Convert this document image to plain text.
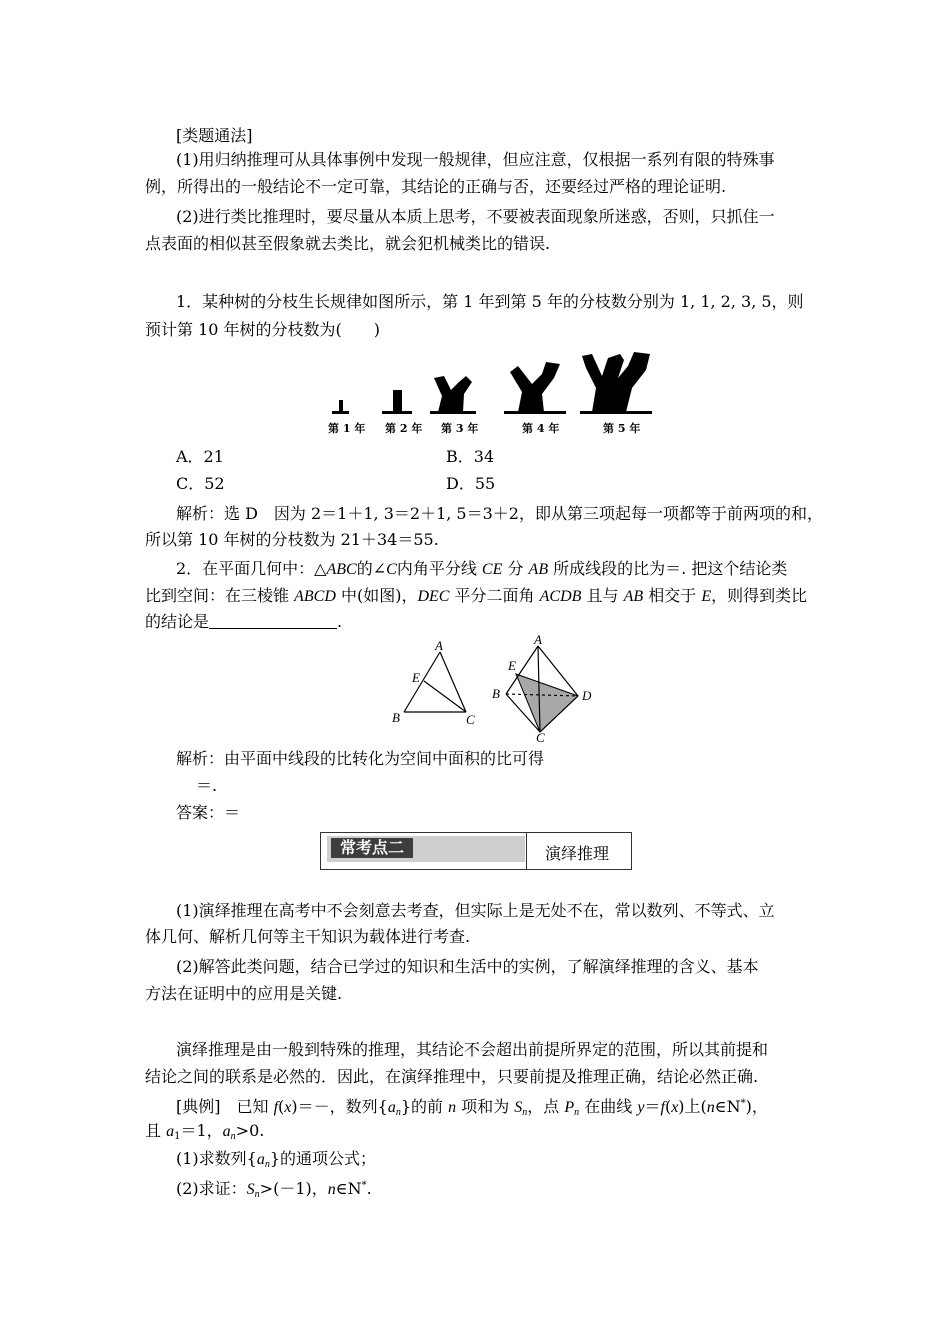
[类题通法]
(1)用归纳推理可从具体事例中发现一般规律，但应注意，仅根据一系列有限的特殊事
例，所得出的一般结论不一定可靠，其结论的正确与否，还要经过严格的理论证明.
(2)进行类比推理时，要尽量从本质上思考，不要被表面现象所迷惑，否则，只抓住一
点表面的相似甚至假象就去类比，就会犯机械类比的错误.
1．某种树的分枝生长规律如图所示，第 1 年到第 5 年的分枝数分别为 1, 1, 2, 3, 5，则
预计第 10 年树的分枝数为(　　)
第 1 年 第 2 年 第 3 年	第 4 年	第 5 年
A．21	B．34
C．52	D．55
解析：选 D　因为 2＝1＋1, 3＝2＋1, 5＝3＋2，即从第三项起每一项都等于前两项的和，
所以第 10 年树的分枝数为 21＋34＝55.
2．在平面几何中：△ABC的∠C内角平分线 CE 分 AB 所成线段的比为＝. 把这个结论类
比到空间：在三棱锥 ABCD 中(如图)，DEC 平分二面角 ACDB 且与 AB 相交于 E，则得到类比
的结论是	.
A
E
B	C
A
E
B	D
C
解析：由平面中线段的比转化为空间中面积的比可得
＝.
答案：＝
常考点二	演绎推理
(1)演绎推理在高考中不会刻意去考查，但实际上是无处不在，常以数列、不等式、立
体几何、解析几何等主干知识为载体进行考查.
(2)解答此类问题，结合已学过的知识和生活中的实例，了解演绎推理的含义、基本
方法在证明中的应用是关键.
演绎推理是由一般到特殊的推理，其结论不会超出前提所界定的范围，所以其前提和
结论之间的联系是必然的．因此，在演绎推理中，只要前提及推理正确，结论必然正确.
[典例]　已知 f(x)＝－，数列$\{a_n\}$的前 n 项和为 $S_n$，点 $P_n$ 在曲线 y＝f(x)上(n∈N*)，
且 $a_1=1$，$a_n>0$.
(1)求数列$\{a_n\}$的通项公式；
(2)求证：$S_n>(-1)$，n∈N*.
